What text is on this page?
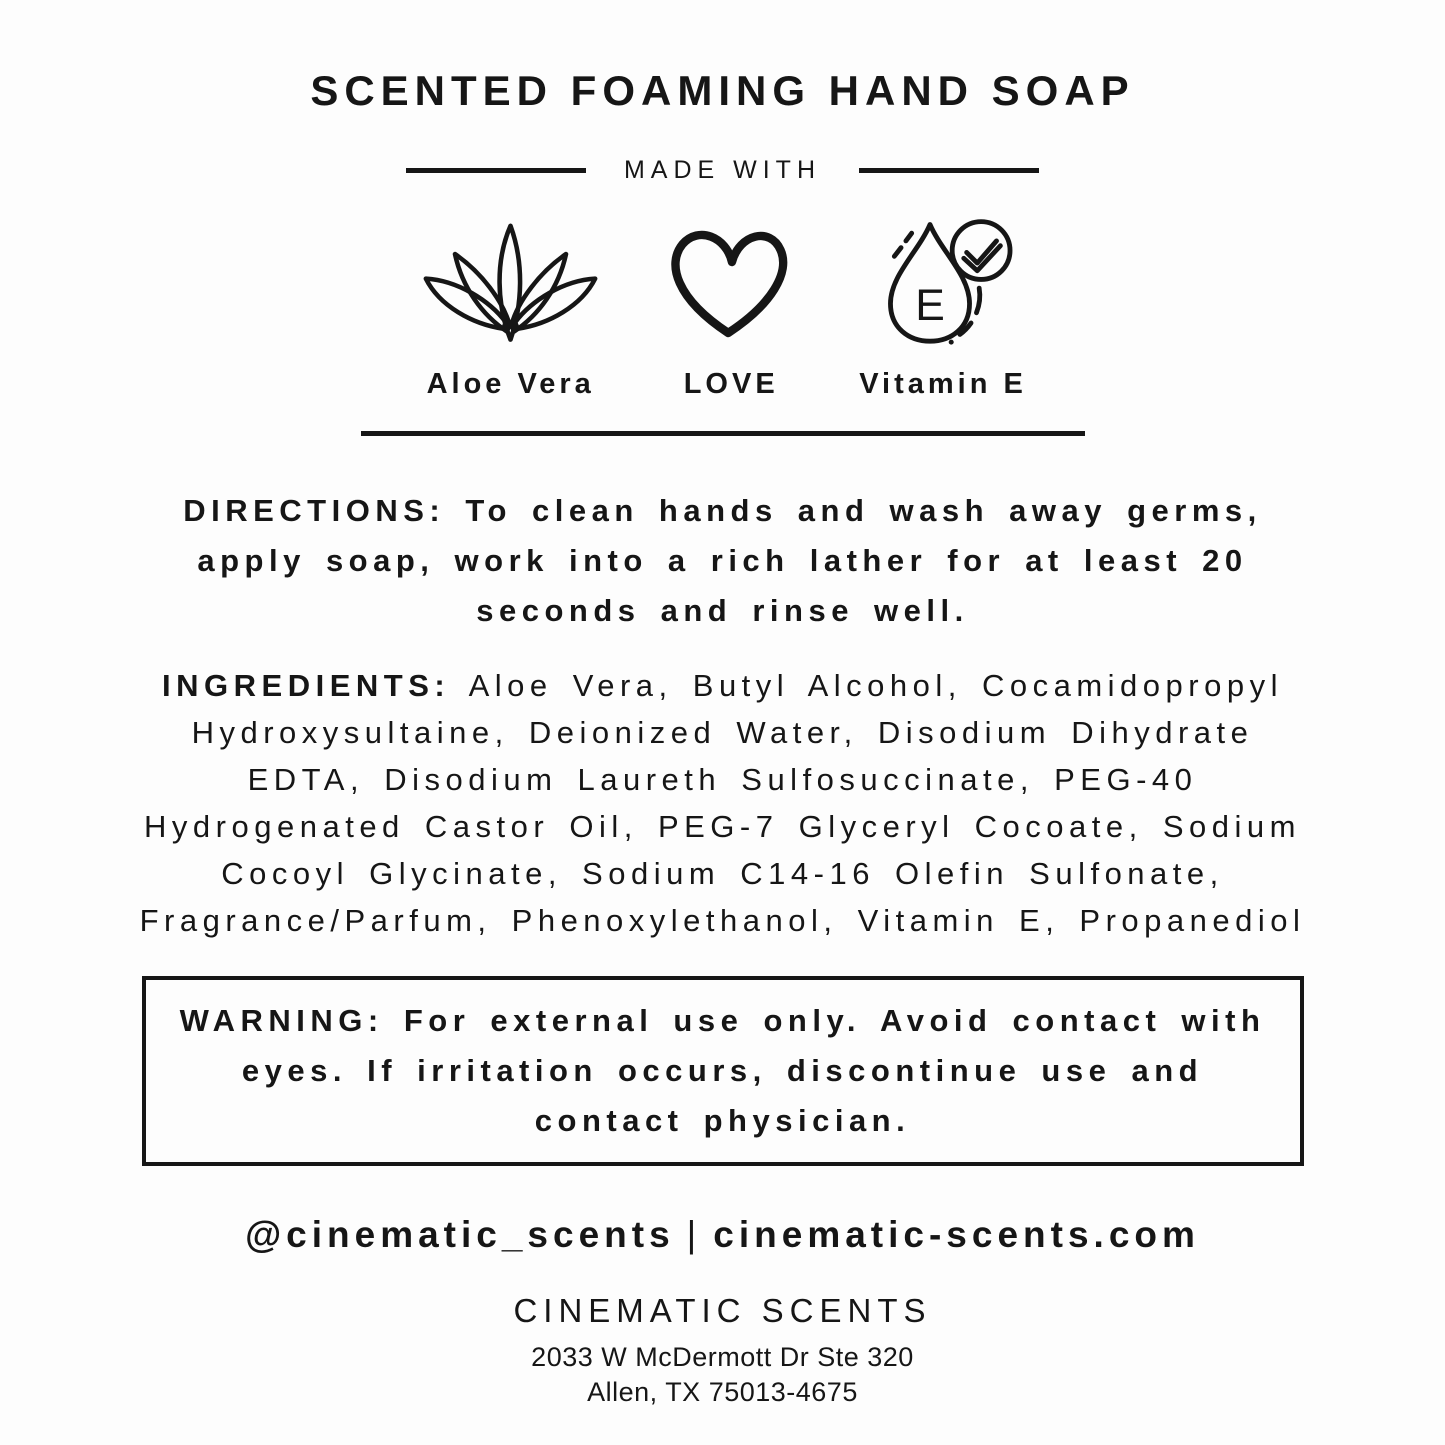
SCENTED FOAMING HAND SOAP
MADE WITH
Aloe Vera	LOVE
E
Vitamin E

DIRECTIONS: To clean hands and wash away germs, apply soap, work into a rich lather for at least 20 seconds and rinse well.

INGREDIENTS: Aloe Vera, Butyl Alcohol, Cocamidopropyl Hydroxysultaine, Deionized Water, Disodium Dihydrate EDTA, Disodium Laureth Sulfosuccinate, PEG-40 Hydrogenated Castor Oil, PEG-7 Glyceryl Cocoate, Sodium Cocoyl Glycinate, Sodium C14-16 Olefin Sulfonate, Fragrance/Parfum, Phenoxylethanol, Vitamin E, Propanediol

WARNING: For external use only. Avoid contact with eyes. If irritation occurs, discontinue use and contact physician.

@cinematic_scents | cinematic-scents.com
CINEMATIC SCENTS
2033 W McDermott Dr Ste 320
Allen, TX 75013-4675
